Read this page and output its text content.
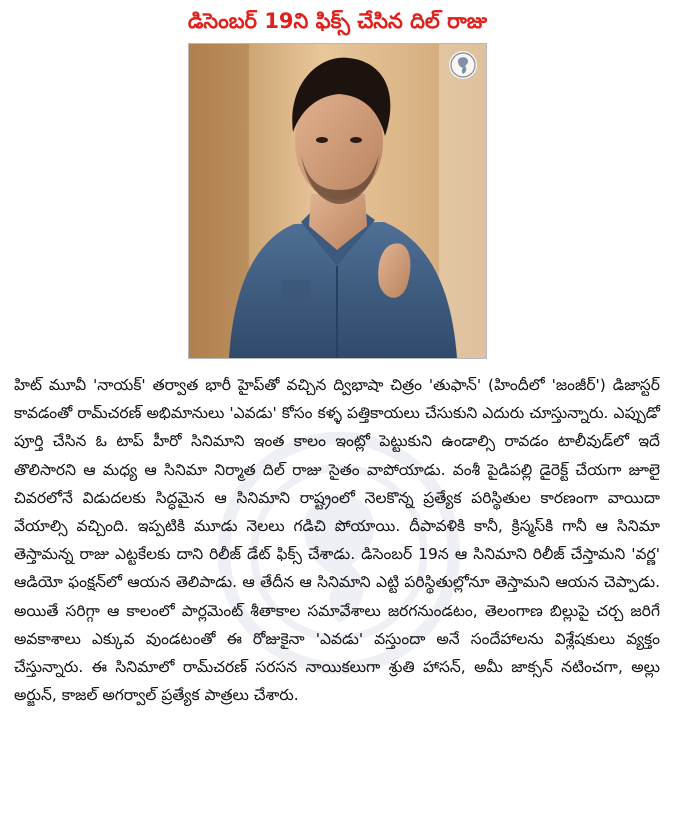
డిసెంబర్ 19ని ఫిక్స్ చేసిన దిల్ రాజు

హిట్ మూవీ 'నాయక్' తర్వాత భారీ హైప్‌తో వచ్చిన ద్విభాషా చిత్రం 'తుఫాన్' (హిందీలో 'జంజీర్') డిజాస్టర్ కావడంతో రామ్‌చరణ్ అభిమానులు 'ఎవడు' కోసం కళ్ళ పత్తికాయలు చేసుకుని ఎదురు చూస్తున్నారు. ఎప్పుడో పూర్తి చేసిన ఓ టాప్ హీరో సినిమాని ఇంత కాలం ఇంట్లో పెట్టుకుని ఉండాల్సి రావడం టాలీవుడ్‌లో ఇదే తొలిసారని ఆ మధ్య ఆ సినిమా నిర్మాత దిల్ రాజు సైతం వాపోయాడు. వంశీ పైడిపల్లి డైరెక్ట్ చేయగా జూలై చివరలోనే విడుదలకు సిద్ధమైన ఆ సినిమాని రాష్ట్రంలో నెలకొన్న ప్రత్యేక పరిస్థితుల కారణంగా వాయిదా వేయాల్సి వచ్చింది. ఇప్పటికి మూడు నెలలు గడిచి పోయాయి. దీపావళికి కానీ, క్రిస్మస్‌కి గానీ ఆ సినిమా తెస్తామన్న రాజు ఎట్టకేలకు దాని రిలీజ్ డేట్ ఫిక్స్ చేశాడు. డిసెంబర్ 19న ఆ సినిమాని రిలీజ్ చేస్తామని 'వర్ణ' ఆడియో ఫంక్షన్‌లో ఆయన తెలిపాడు. ఆ తేదీన ఆ సినిమాని ఎట్టి పరిస్థితుల్లోనూ తెస్తామని ఆయన చెప్పాడు. అయితే సరిగ్గా ఆ కాలంలో పార్లమెంట్ శీతాకాల సమావేశాలు జరగనుండటం, తెలంగాణ బిల్లుపై చర్చ జరిగే అవకాశాలు ఎక్కువ వుండటంతో ఈ రోజుకైనా 'ఎవడు' వస్తుందా అనే సందేహాలను విశ్లేషకులు వ్యక్తం చేస్తున్నారు. ఈ సినిమాలో రామ్‌చరణ్ సరసన నాయికలుగా శ్రుతి హాసన్, అమీ జాక్సన్ నటించగా, అల్లు అర్జున్, కాజల్ అగర్వాల్ ప్రత్యేక పాత్రలు చేశారు.
